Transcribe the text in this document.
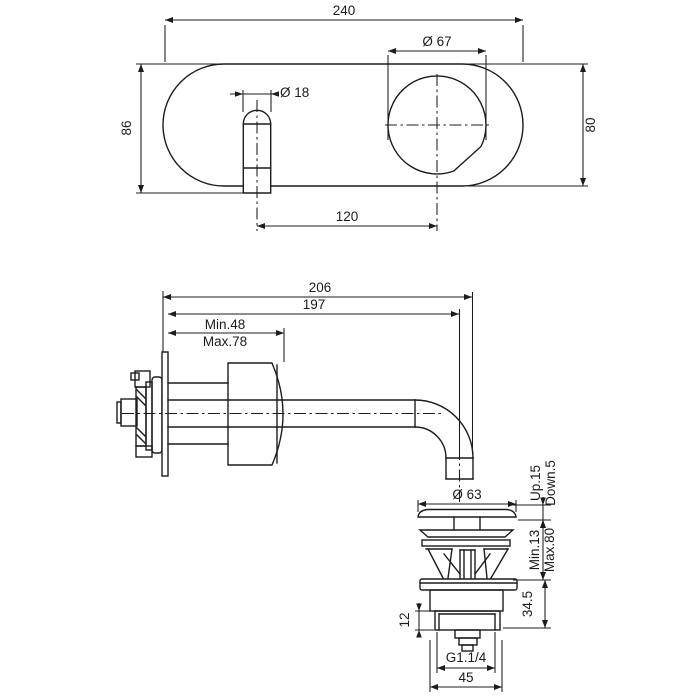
240
Ø 67
Ø 18
86	80
120
206
197
Min.48
Max.78
Ø 63	Up.15 Down.5
Min.13 Max.80
34.5
12
G1.1/4
45
